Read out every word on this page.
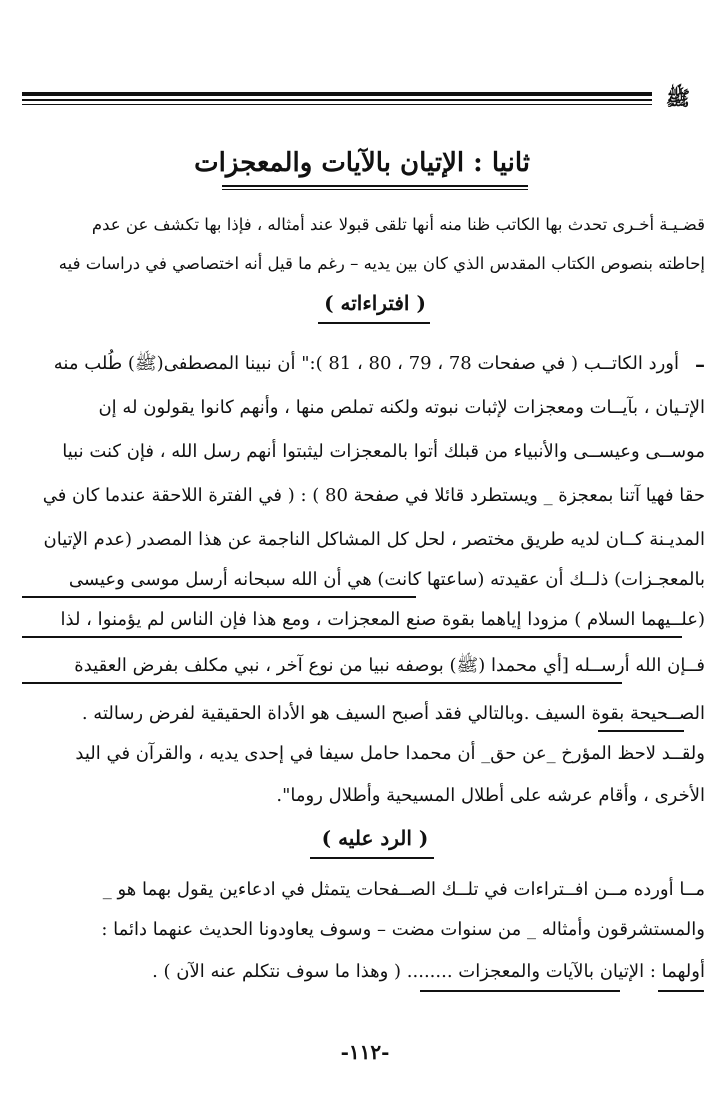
ﷺ
ثانيا : الإتيان بالآيات والمعجزات
قضـيـة أخـرى تحدث بها الكاتب ظنا منه أنها تلقى قبولا عند أمثاله ، فإذا بها تكشف عن عدم
إحاطته بنصوص الكتاب المقدس الذي كان بين يديه – رغم ما قيل أنه اختصاصي في دراسات فيه
( افتراءاته )
–
أورد الكاتــب ( في صفحات 78 ، 79 ، 80 ، 81 ):" أن نبينا المصطفى(ﷺ) طُلب منه
الإتـيان ، بآيــات ومعجزات لإثبات نبوته ولكنه تملص منها ، وأنهم كانوا يقولون له إن
موســى وعيســى والأنبياء من قبلك أتوا بالمعجزات ليثبتوا أنهم رسل الله ، فإن كنت نبيا
حقا فهيا آتنا بمعجزة _ ويستطرد قائلا في صفحة 80 ) : ( في الفترة اللاحقة عندما كان في
المديـنة كــان لديه طريق مختصر ، لحل كل المشاكل الناجمة عن هذا المصدر (عدم الإتيان
بالمعجـزات) ذلــك أن عقيدته (ساعتها كانت) هي أن الله سبحانه أرسل موسى وعيسى
(علــيهما السلام ) مزودا إياهما بقوة صنع المعجزات ، ومع هذا فإن الناس لم يؤمنوا ، لذا
فــإن الله أرســله [أي محمدا (ﷺ) بوصفه نبيا من نوع آخر ، نبي مكلف بفرض العقيدة
الصــحيحة بقوة السيف .وبالتالي فقد أصبح السيف هو الأداة الحقيقية لفرض رسالته .
ولقــد لاحظ المؤرخ _عن حق_ أن محمدا حامل سيفا في إحدى يديه ، والقرآن في اليد
الأخرى ، وأقام عرشه على أطلال المسيحية وأطلال روما".
( الرد عليه )
مــا أورده مــن افــتراءات في تلــك الصــفحات يتمثل في ادعاءين يقول بهما هو _
والمستشرقون وأمثاله _ من سنوات مضت – وسوف يعاودونا الحديث عنهما دائما :
أولهما : الإتيان بالآيات والمعجزات ........ ( وهذا ما سوف نتكلم عنه الآن ) .
-١١٢-
